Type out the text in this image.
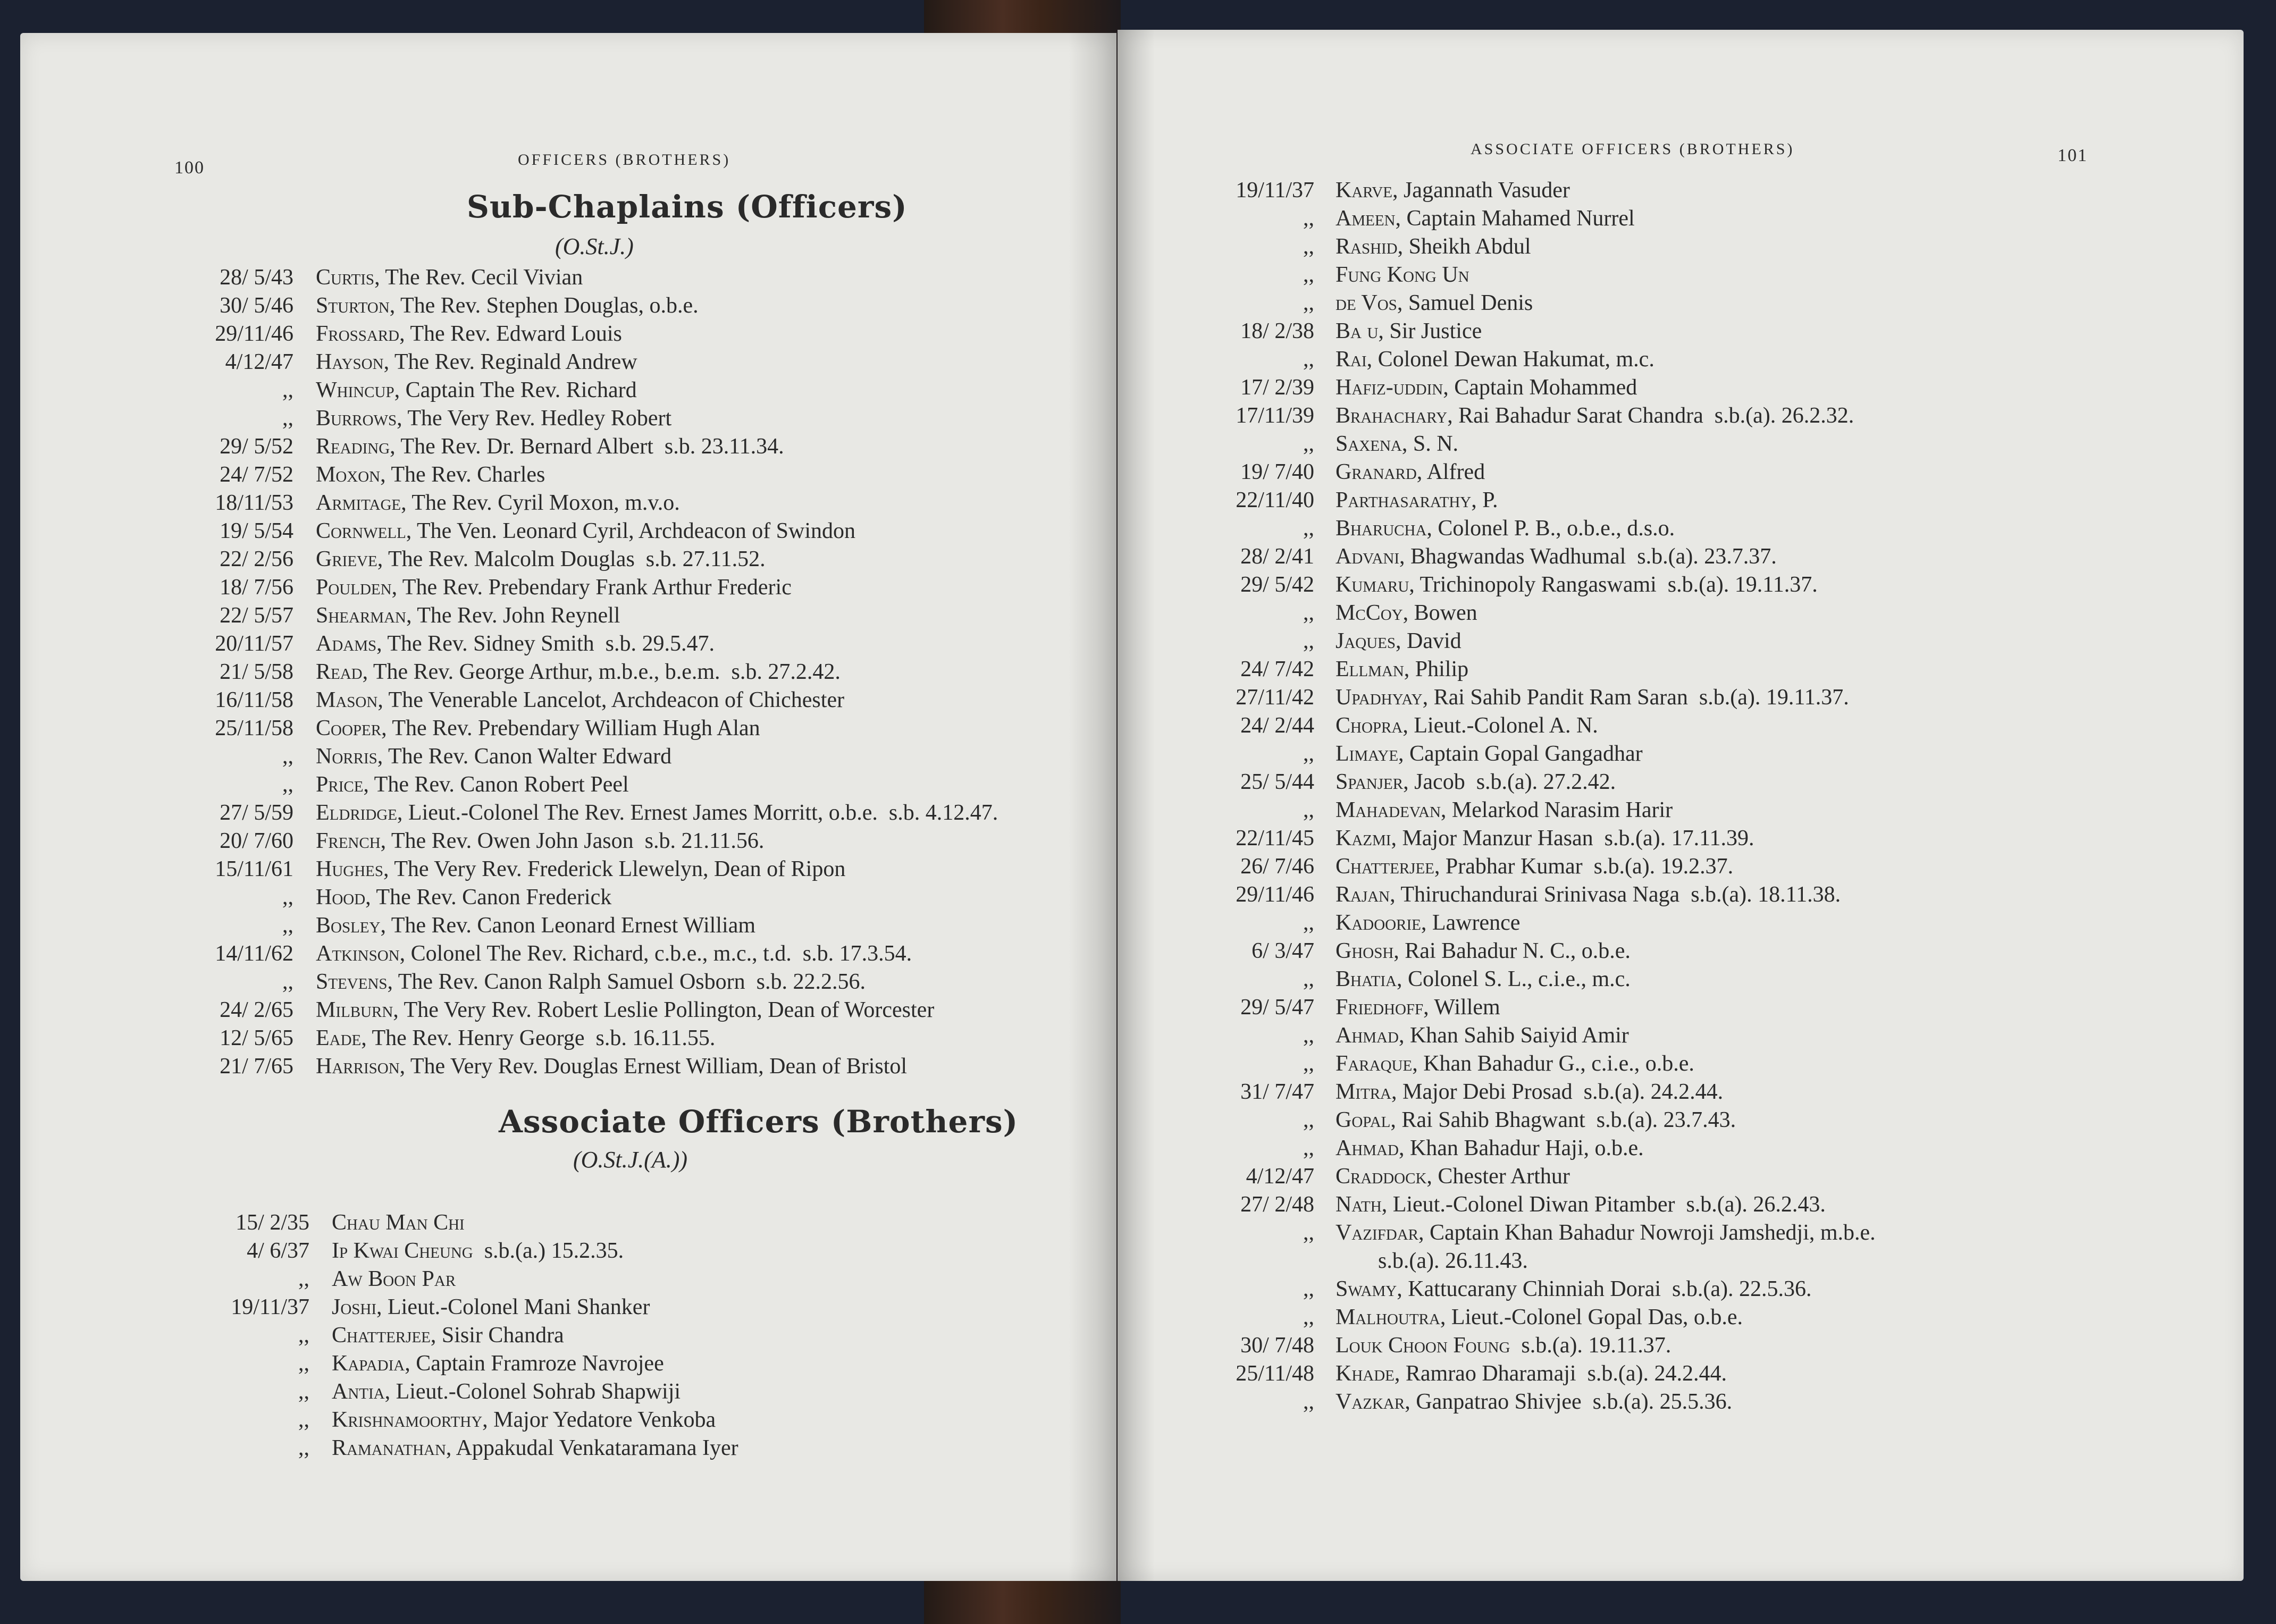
100	OFFICERS (BROTHERS)
Sub-Chaplains (Officers)
(O.St.J.)
28/ 5/43 Curtis, The Rev. Cecil Vivian
30/ 5/46 Sturton, The Rev. Stephen Douglas, o.b.e.
29/11/46 Frossard, The Rev. Edward Louis
4/12/47 Hayson, The Rev. Reginald Andrew
,, Whincup, Captain The Rev. Richard
,, Burrows, The Very Rev. Hedley Robert
29/ 5/52 Reading, The Rev. Dr. Bernard Albert  s.b. 23.11.34.
24/ 7/52 Moxon, The Rev. Charles
18/11/53 Armitage, The Rev. Cyril Moxon, m.v.o.
19/ 5/54 Cornwell, The Ven. Leonard Cyril, Archdeacon of Swindon
22/ 2/56 Grieve, The Rev. Malcolm Douglas  s.b. 27.11.52.
18/ 7/56 Poulden, The Rev. Prebendary Frank Arthur Frederic
22/ 5/57 Shearman, The Rev. John Reynell
20/11/57 Adams, The Rev. Sidney Smith  s.b. 29.5.47.
21/ 5/58 Read, The Rev. George Arthur, m.b.e., b.e.m.  s.b. 27.2.42.
16/11/58 Mason, The Venerable Lancelot, Archdeacon of Chichester
25/11/58 Cooper, The Rev. Prebendary William Hugh Alan
,, Norris, The Rev. Canon Walter Edward
,, Price, The Rev. Canon Robert Peel
27/ 5/59 Eldridge, Lieut.-Colonel The Rev. Ernest James Morritt, o.b.e.  s.b. 4.12.47.
20/ 7/60 French, The Rev. Owen John Jason  s.b. 21.11.56.
15/11/61 Hughes, The Very Rev. Frederick Llewelyn, Dean of Ripon
,, Hood, The Rev. Canon Frederick
,, Bosley, The Rev. Canon Leonard Ernest William
14/11/62 Atkinson, Colonel The Rev. Richard, c.b.e., m.c., t.d.  s.b. 17.3.54.
,, Stevens, The Rev. Canon Ralph Samuel Osborn  s.b. 22.2.56.
24/ 2/65 Milburn, The Very Rev. Robert Leslie Pollington, Dean of Worcester
12/ 5/65 Eade, The Rev. Henry George  s.b. 16.11.55.
21/ 7/65 Harrison, The Very Rev. Douglas Ernest William, Dean of Bristol
Associate Officers (Brothers)
(O.St.J.(A.))
15/ 2/35 Chau Man Chi
4/ 6/37 Ip Kwai Cheung  s.b.(a.) 15.2.35.
,, Aw Boon Par
19/11/37 Joshi, Lieut.-Colonel Mani Shanker
,, Chatterjee, Sisir Chandra
,, Kapadia, Captain Framroze Navrojee
,, Antia, Lieut.-Colonel Sohrab Shapwiji
,, Krishnamoorthy, Major Yedatore Venkoba
,, Ramanathan, Appakudal Venkataramana Iyer
ASSOCIATE OFFICERS (BROTHERS)	101
19/11/37 Karve, Jagannath Vasuder
,, Ameen, Captain Mahamed Nurrel
,, Rashid, Sheikh Abdul
,, Fung Kong Un
,, de Vos, Samuel Denis
18/ 2/38 Ba u, Sir Justice
,, Rai, Colonel Dewan Hakumat, m.c.
17/ 2/39 Hafiz-uddin, Captain Mohammed
17/11/39 Brahachary, Rai Bahadur Sarat Chandra  s.b.(a). 26.2.32.
,, Saxena, S. N.
19/ 7/40 Granard, Alfred
22/11/40 Parthasarathy, P.
,, Bharucha, Colonel P. B., o.b.e., d.s.o.
28/ 2/41 Advani, Bhagwandas Wadhumal  s.b.(a). 23.7.37.
29/ 5/42 Kumaru, Trichinopoly Rangaswami  s.b.(a). 19.11.37.
,, McCoy, Bowen
,, Jaques, David
24/ 7/42 Ellman, Philip
27/11/42 Upadhyay, Rai Sahib Pandit Ram Saran  s.b.(a). 19.11.37.
24/ 2/44 Chopra, Lieut.-Colonel A. N.
,, Limaye, Captain Gopal Gangadhar
25/ 5/44 Spanjer, Jacob  s.b.(a). 27.2.42.
,, Mahadevan, Melarkod Narasim Harir
22/11/45 Kazmi, Major Manzur Hasan  s.b.(a). 17.11.39.
26/ 7/46 Chatterjee, Prabhar Kumar  s.b.(a). 19.2.37.
29/11/46 Rajan, Thiruchandurai Srinivasa Naga  s.b.(a). 18.11.38.
,, Kadoorie, Lawrence
6/ 3/47 Ghosh, Rai Bahadur N. C., o.b.e.
,, Bhatia, Colonel S. L., c.i.e., m.c.
29/ 5/47 Friedhoff, Willem
,, Ahmad, Khan Sahib Saiyid Amir
,, Faraque, Khan Bahadur G., c.i.e., o.b.e.
31/ 7/47 Mitra, Major Debi Prosad  s.b.(a). 24.2.44.
,, Gopal, Rai Sahib Bhagwant  s.b.(a). 23.7.43.
,, Ahmad, Khan Bahadur Haji, o.b.e.
4/12/47 Craddock, Chester Arthur
27/ 2/48 Nath, Lieut.-Colonel Diwan Pitamber  s.b.(a). 26.2.43.
,, Vazifdar, Captain Khan Bahadur Nowroji Jamshedji, m.b.e.
s.b.(a). 26.11.43.
,, Swamy, Kattucarany Chinniah Dorai  s.b.(a). 22.5.36.
,, Malhoutra, Lieut.-Colonel Gopal Das, o.b.e.
30/ 7/48 Louk Choon Foung  s.b.(a). 19.11.37.
25/11/48 Khade, Ramrao Dharamaji  s.b.(a). 24.2.44.
,, Vazkar, Ganpatrao Shivjee  s.b.(a). 25.5.36.
